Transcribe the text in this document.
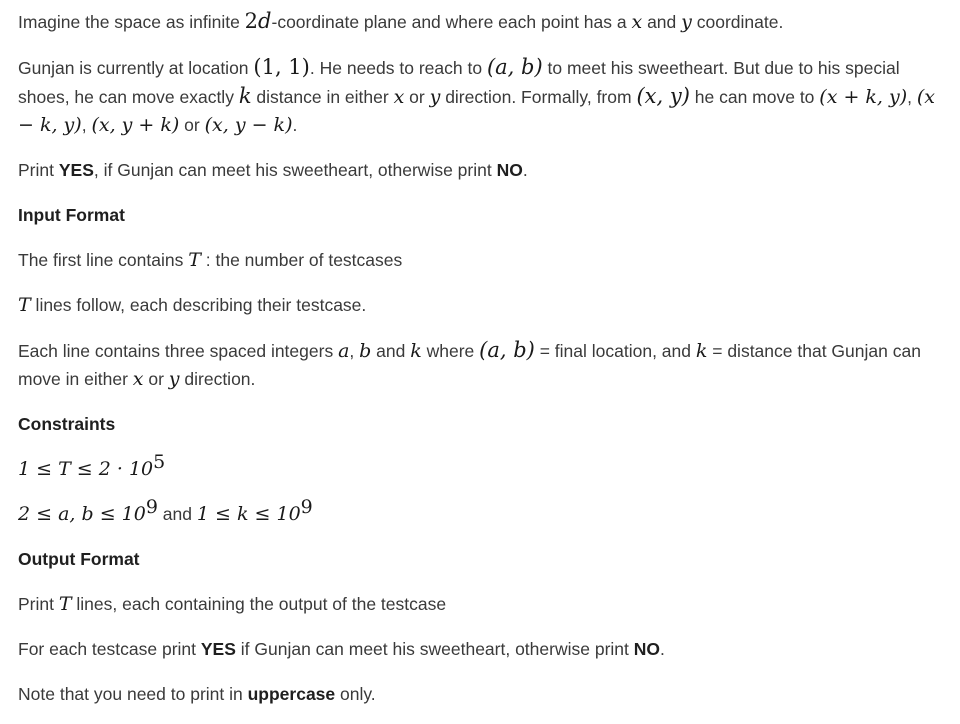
Imagine the space as infinite 2d-coordinate plane and where each point has a x and y coordinate.

Gunjan is currently at location (1, 1). He needs to reach to (a, b) to meet his sweetheart. But due to his special shoes, he can move exactly k distance in either x or y direction. Formally, from (x, y) he can move to (x + k, y), (x − k, y), (x, y + k) or (x, y − k).

Print YES, if Gunjan can meet his sweetheart, otherwise print NO.

Input Format

The first line contains T : the number of testcases

T lines follow, each describing their testcase.

Each line contains three spaced integers a, b and k where (a, b) = final location, and k = distance that Gunjan can move in either x or y direction.

Constraints

$1 \le T \le 2 \cdot 10^5$

2 ≤ a, $b \le 10^9$ and $1 \le k \le 10^9$

Output Format

Print T lines, each containing the output of the testcase

For each testcase print YES if Gunjan can meet his sweetheart, otherwise print NO.

Note that you need to print in uppercase only.
